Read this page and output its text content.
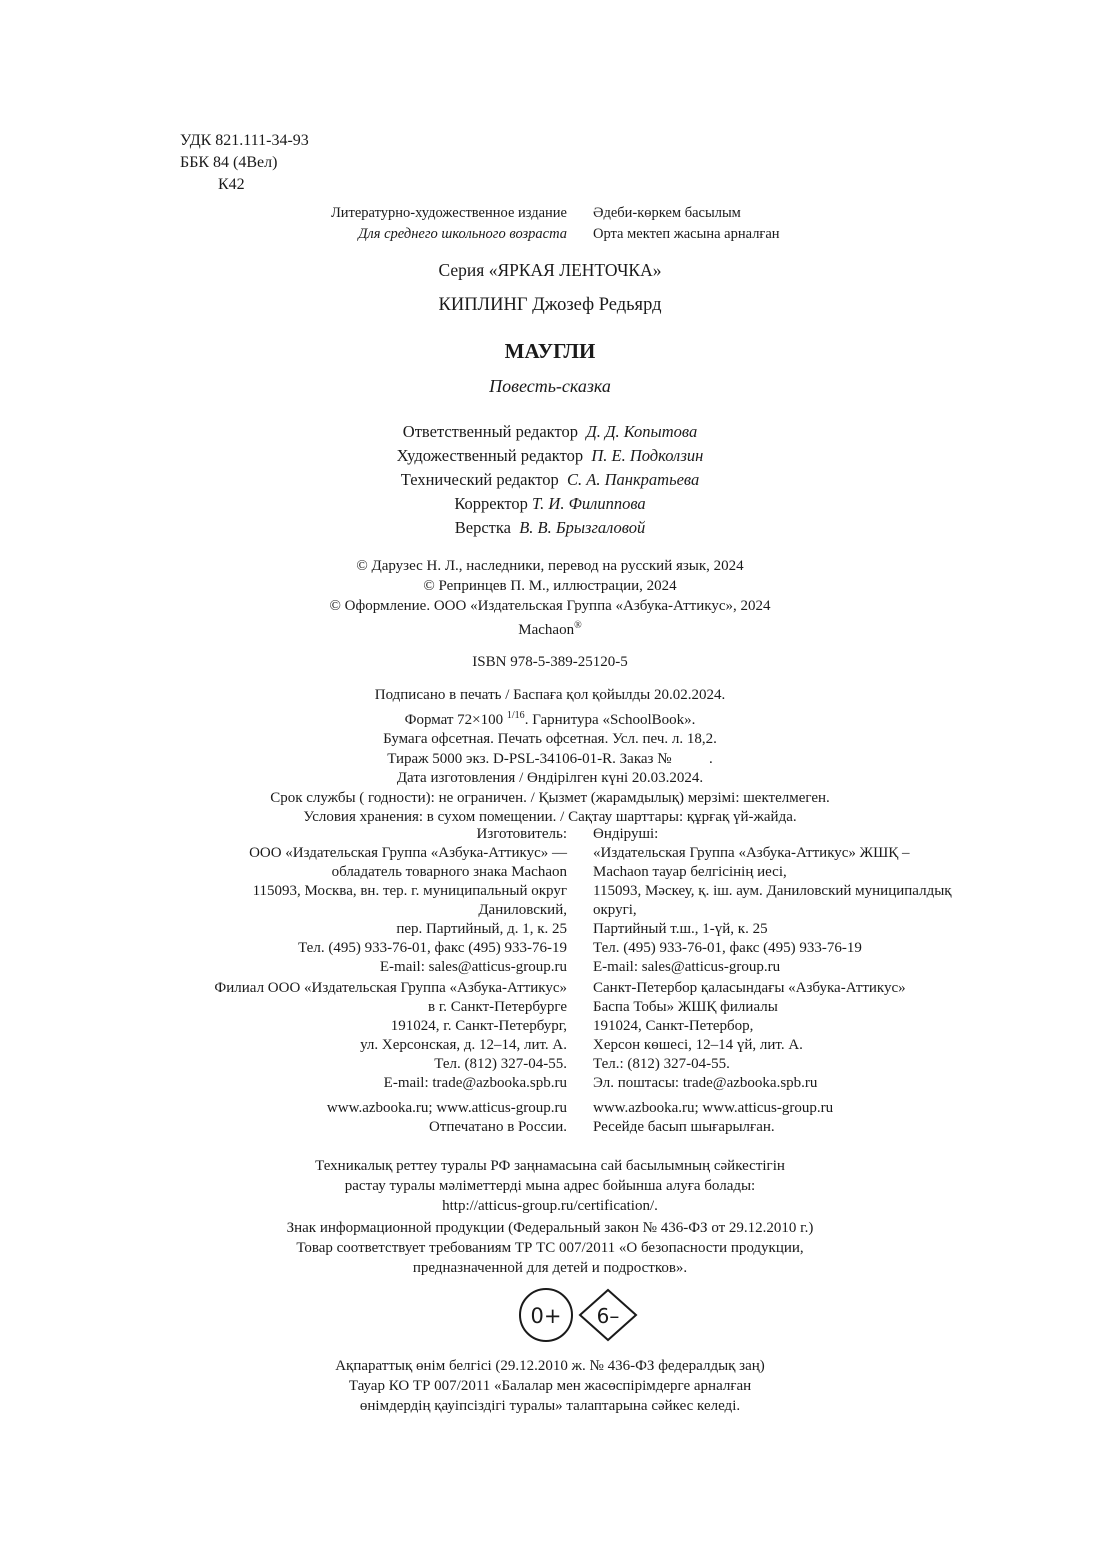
УДК 821.111-34-93
ББК 84 (4Вел)
К42
Литературно-художественное издание
Для среднего школьного возраста
Әдеби-көркем басылым
Орта мектеп жасына арналған
Серия «ЯРКАЯ ЛЕНТОЧКА»
КИПЛИНГ Джозеф Редьярд
МАУГЛИ
Повесть-сказка
Ответственный редактор Д. Д. Копытова
Художественный редактор П. Е. Подколзин
Технический редактор С. А. Панкратьева
Корректор Т. И. Филиппова
Верстка В. В. Брызгаловой
© Дарузес Н. Л., наследники, перевод на русский язык, 2024
© Репринцев П. М., иллюстрации, 2024
© Оформление. ООО «Издательская Группа «Азбука-Аттикус», 2024
Machaon®
ISBN 978-5-389-25120-5
Подписано в печать / Баспаға қол қойылды 20.02.2024.
Формат 72×100 $^{1/16}$. Гарнитура «SchoolBook».
Бумага офсетная. Печать офсетная. Усл. печ. л. 18,2.
Тираж 5000 экз. D-PSL-34106-01-R. Заказ №          .
Дата изготовления / Өндірілген күні 20.03.2024.
Срок службы ( годности): не ограничен. / Қызмет (жарамдылық) мерзімі: шектелмеген.
Условия хранения: в сухом помещении. / Сақтау шарттары: құрғақ үй-жайда.
Изготовитель:
ООО «Издательская Группа «Азбука-Аттикус» —
обладатель товарного знака Machaon
115093, Москва, вн. тер. г. муниципальный округ
Даниловский,
пер. Партийный, д. 1, к. 25
Тел. (495) 933-76-01, факс (495) 933-76-19
E-mail: sales@atticus-group.ru
Өндіруші:
«Издательская Группа «Азбука-Аттикус» ЖШҚ –
Machaon тауар белгісінің иесі,
115093, Мәскеу, қ. іш. аум. Даниловский муниципалдық
округі,
Партийный т.ш., 1-үй, к. 25
Тел. (495) 933-76-01, факс (495) 933-76-19
E-mail: sales@atticus-group.ru
Филиал ООО «Издательская Группа «Азбука-Аттикус»
в г. Санкт-Петербурге
191024, г. Санкт-Петербург,
ул. Херсонская, д. 12–14, лит. А.
Тел. (812) 327-04-55.
E-mail: trade@azbooka.spb.ru
Санкт-Петербор қаласындағы «Азбука-Аттикус»
Баспа Тобы» ЖШҚ филиалы
191024, Санкт-Петербор,
Херсон көшесі, 12–14 үй, лит. А.
Тел.: (812) 327-04-55.
Эл. поштасы: trade@azbooka.spb.ru
www.azbooka.ru; www.atticus-group.ru
Отпечатано в России.
www.azbooka.ru; www.atticus-group.ru
Ресейде басып шығарылған.
Техникалық реттеу туралы РФ заңнамасына сай басылымның сәйкестігін
растау туралы мәліметтерді мына адрес бойынша алуға болады:
http://atticus-group.ru/certification/.
Знак информационной продукции (Федеральный закон № 436-ФЗ от 29.12.2010 г.)
Товар соответствует требованиям ТР ТС 007/2011 «О безопасности продукции,
предназначенной для детей и подростков».
0+ 6–
Ақпараттық өнім белгісі (29.12.2010 ж. № 436-ФЗ федералдық заң)
Тауар КО ТР 007/2011 «Балалар мен жасөспірімдерге арналған
өнімдердің қауіпсіздігі туралы» талаптарына сәйкес келеді.
